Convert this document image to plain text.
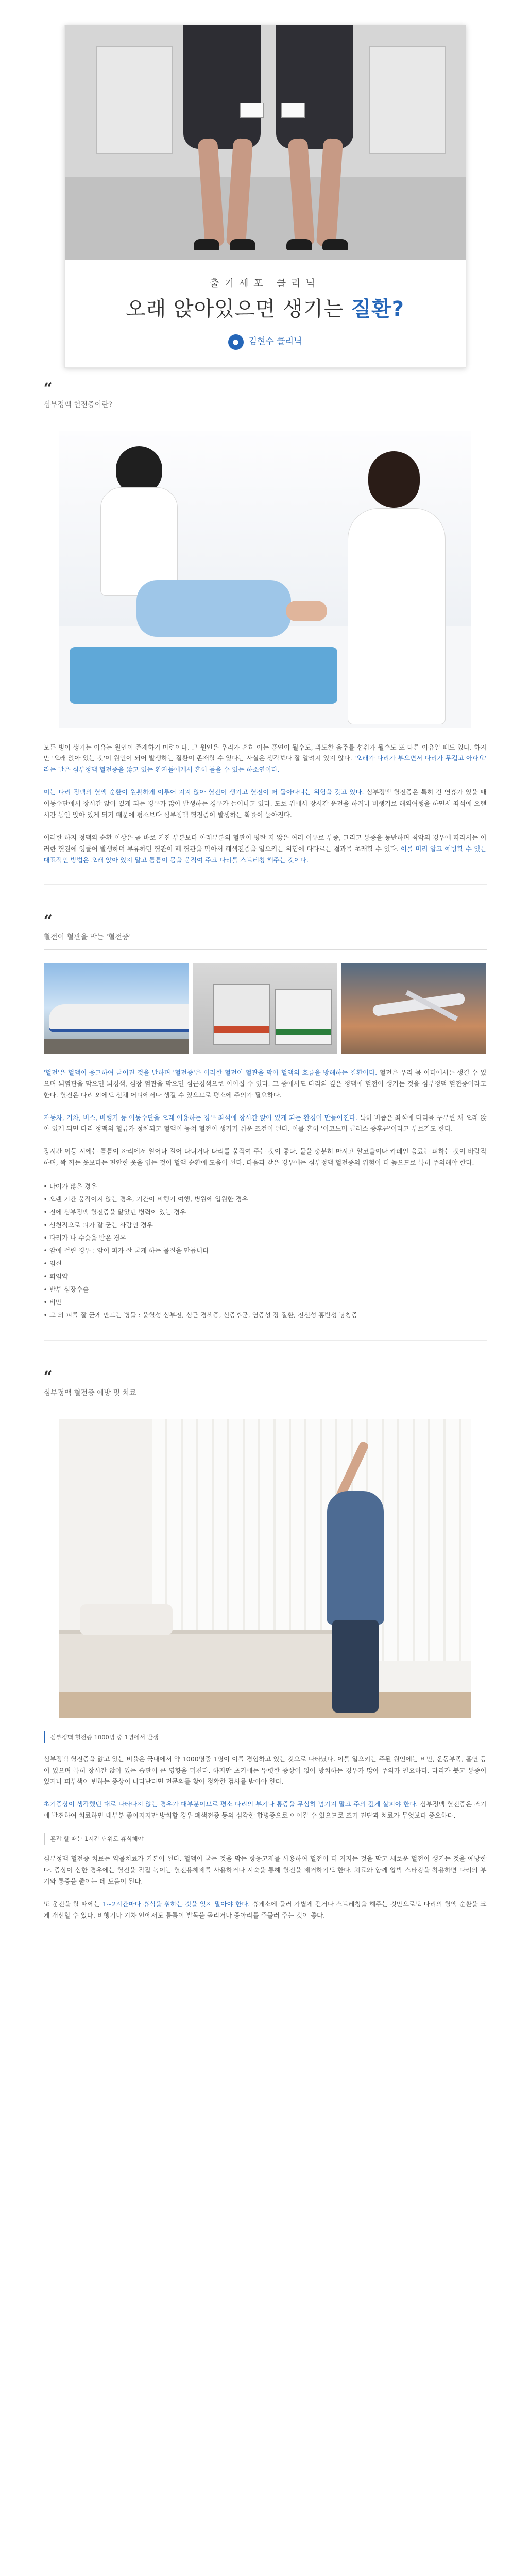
출기세포 클리닉
오래 앉아있으면 생기는 질환?
●	김현수 클리닉
“
심부정맥 혈전증이란?

모든 병이 생기는 이유는 원인이 존재하기 마련이다. 그 원인은 우리가 흔히 아는 흡연이 될수도, 과도한 음주를 섭취가 될수도 또 다른 이유일 때도 있다. 하지만 '오래 앉아 있는 것'이 원인이 되어 발생하는 질환이 존재할 수 있다는 사실은 생각보다 잘 알려져 있지 않다. '오래가 다리가 부으면서 다리가 무겁고 아파요' 라는 말은 심부정맥 혈전증을 앓고 있는 환자들에게서 흔히 들을 수 있는 하소연이다.

이는 다리 정맥의 혈액 순환이 원활하게 이루어 지지 않아 혈전이 생기고 혈전이 떠 돌아다니는 위험을 갖고 있다. 심부정맥 혈전증은 특히 긴 연휴가 있을 때 이동수단에서 장시간 앉아 있게 되는 경우가 많아 발생하는 경우가 늘어나고 있다. 도로 위에서 장시간 운전을 하거나 비행기로 해외여행을 하면서 좌석에 오랜 시간 동안 앉아 있게 되기 때문에 평소보다 심부정맥 혈전증이 발생하는 확률이 높아진다.

이러한 하지 정맥의 순환 이상은 곧 바로 커진 부분보다 아래부분의 혈관이 평탄 지 않은 여러 이유로 부종, 그리고 통증을 동반하며 최악의 경우에 따라서는 이러한 혈전에 엉클어 발생하며 부유하던 혈관이 폐 혈관을 막아서 폐색전증을 일으키는 위험에 다다르는 결과를 초래할 수 있다. 이를 미리 알고 예방할 수 있는 대표적인 방법은 오래 앉아 있지 말고 틈틈이 몸을 움직여 주고 다리를 스트레칭 해주는 것이다.

“
혈전이 혈관을 막는 '혈전증'

'혈전'은 혈액이 응고하여 굳어진 것을 말하며 '혈전증'은 이러한 혈전이 혈관을 막아 혈액의 흐름을 방해하는 질환이다. 혈전은 우리 몸 어디에서든 생길 수 있으며 뇌혈관을 막으면 뇌경색, 심장 혈관을 막으면 심근경색으로 이어질 수 있다. 그 중에서도 다리의 깊은 정맥에 혈전이 생기는 것을 심부정맥 혈전증이라고 한다. 혈전은 다리 외에도 신체 어디에서나 생길 수 있으므로 평소에 주의가 필요하다.

자동차, 기차, 버스, 비행기 등 이동수단을 오래 이용하는 경우 좌석에 장시간 앉아 있게 되는 환경이 만들어진다. 특히 비좁은 좌석에 다리를 구부린 채 오래 앉아 있게 되면 다리 정맥의 혈류가 정체되고 혈액이 뭉쳐 혈전이 생기기 쉬운 조건이 된다. 이를 흔히 '이코노미 클래스 증후군'이라고 부르기도 한다.

장시간 이동 시에는 틈틈이 자리에서 일어나 걸어 다니거나 다리를 움직여 주는 것이 좋다. 물을 충분히 마시고 알코올이나 카페인 음료는 피하는 것이 바람직하며, 꽉 끼는 옷보다는 편안한 옷을 입는 것이 혈액 순환에 도움이 된다. 다음과 같은 경우에는 심부정맥 혈전증의 위험이 더 높으므로 특히 주의해야 한다.

• 나이가 많은 경우
• 오랜 기간 움직이지 않는 경우, 기간이 비행기 여행, 병원에 입원한 경우
• 전에 심부정맥 혈전증을 앓았던 병력이 있는 경우
• 선천적으로 피가 잘 굳는 사람인 경우
• 다리가 나 수술을 받은 경우
• 암에 걸린 경우 : 암이 피가 잘 굳게 하는 물질을 만듭니다
• 임신
• 피임약
• 탈부 심장수술
• 비만
• 그 외 피를 잘 굳게 만드는 병들 : 울혈성 심부전, 심근 경색증, 신증후군, 염증성 장 질환, 진신성 홍반성 낭창증
“
심부정맥 혈전증 예방 및 치료
심부정맥 혈전증 1000명 중 1명에서 발생

심부정맥 혈전증을 앓고 있는 비율은 국내에서 약 1000명중 1명이 이를 경험하고 있는 것으로 나타났다. 이를 일으키는 주된 원인에는 비만, 운동부족, 흡연 등이 있으며 특히 장시간 앉아 있는 습관이 큰 영향을 미친다. 하지만 초기에는 뚜렷한 증상이 없어 방치하는 경우가 많아 주의가 필요하다. 다리가 붓고 통증이 있거나 피부색이 변하는 증상이 나타난다면 전문의를 찾아 정확한 검사를 받아야 한다.

초기증상이 생각했던 대로 나타나지 않는 경우가 대부분이므로 평소 다리의 부기나 통증을 무심히 넘기지 말고 주의 깊게 살펴야 한다. 심부정맥 혈전증은 조기에 발견하여 치료하면 대부분 좋아지지만 방치할 경우 폐색전증 등의 심각한 합병증으로 이어질 수 있으므로 조기 진단과 치료가 무엇보다 중요하다.

혼잡 할 때는 1시간 단위로 휴식해야

심부정맥 혈전증 치료는 약물치료가 기본이 된다. 혈액이 굳는 것을 막는 항응고제를 사용하여 혈전이 더 커지는 것을 막고 새로운 혈전이 생기는 것을 예방한다. 증상이 심한 경우에는 혈전을 직접 녹이는 혈전용해제를 사용하거나 시술을 통해 혈전을 제거하기도 한다. 치료와 함께 압박 스타킹을 착용하면 다리의 부기와 통증을 줄이는 데 도움이 된다.

또 운전을 할 때에는 1~2시간마다 휴식을 취하는 것을 잊지 말아야 한다. 휴게소에 들러 가볍게 걷거나 스트레칭을 해주는 것만으로도 다리의 혈액 순환을 크게 개선할 수 있다. 비행기나 기차 안에서도 틈틈이 발목을 돌리거나 종아리를 주물러 주는 것이 좋다.
